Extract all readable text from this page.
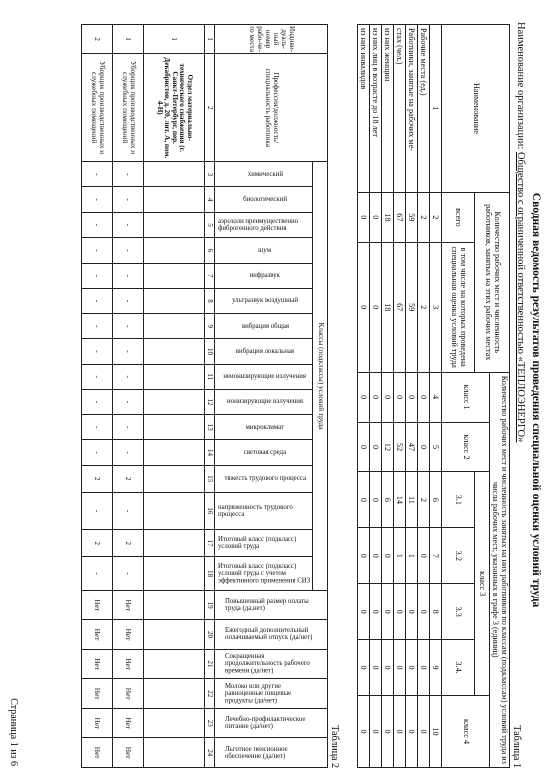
Сводная ведомость результатов проведения специальной оценки условий труда
Наименование организации: Общество с ограниченной ответственностью «ТЕПЛОЭНЕРГО»
Таблица 1
Наименование	Количество рабочих мест и численность работников, занятых на этих рабочих местах		Количество рабочих мест и численность занятых на них работников по классам (подклассам) условий труда из числа рабочих мест, указанных в графе 3 (единиц)						
			класс 1	класс 2	класс 3				класс 4
	всего	в том числе на которых проведена специальная оценка условий труда			3.1	3.2	3.3	3.4.	
1	2	3	4	5	6	7	8	9	10
Рабочие места (ед.)	2	2	0	0	2	0	0	0	0
Работники, занятые на рабочих ме-	59	59	0	47	11	1	0	0	0
стах (чел.)	67	67	0	52	14	1	0	0	0
из них женщин	18	18	0	12	6	0	0	0	0
из них лиц в возрасте до 18 лет	0	0	0	0	0	0	0	0	0
из них инвалидов	0	0	0	0	0	0	0	0	0
Таблица 2
Индиви-дуаль-ный номер рабо-че-го места	Профессия/должность/специальность работника	Классы (подклассы) условий труда																Повышенный размер оплаты труда (да,нет)	Ежегодный дополнительный оплачиваемый отпуск (да/нет)	Сокращенная продолжительность рабочего времени (да/нет)	Молоко или другие равноценные пищевые продукты (да/нет)	Лечебно-профилактическое питание (да/нет)	Льготное пенсионное обеспечение (да/нет)
		химический	биологический	аэрозоли преимущественно фиброгенного действия	шум	инфразвук	ультразвук воздушный	вибрация общая	вибрация локальная	неионизирующие излучения	ионизирующие излучения	микроклимат	световая среда	тяжесть трудового процесса	напряженность трудового процесса	Итоговый класс (подкласс) условий труда	Итоговый класс (подкласс) условий труда с учетом эффективного применения СИЗ						
1	2	3	4	5	6	7	8	9	10	11	12	13	14	15	16	17	18	19	20	21	22	23	24
1	Отдел материально-технического снабжения (г. Санкт-Петербург, пер. Декабристов, д. 20, лит. А, пом. 4-Н)																						
1	Уборщик производственных и служебных помещений	-	-	-	-	-	-	-	-	-	-	-	-	2	-	2	-	Нет	Нет	Нет	Нет	Нет	Нет
2	Уборщик производственных и служебных помещений	-	-	-	-	-	-	-	-	-	-	-	-	2	-	2	-	Нет	Нет	Нет	Нет	Нет	Нет
Страница 1 из 6
